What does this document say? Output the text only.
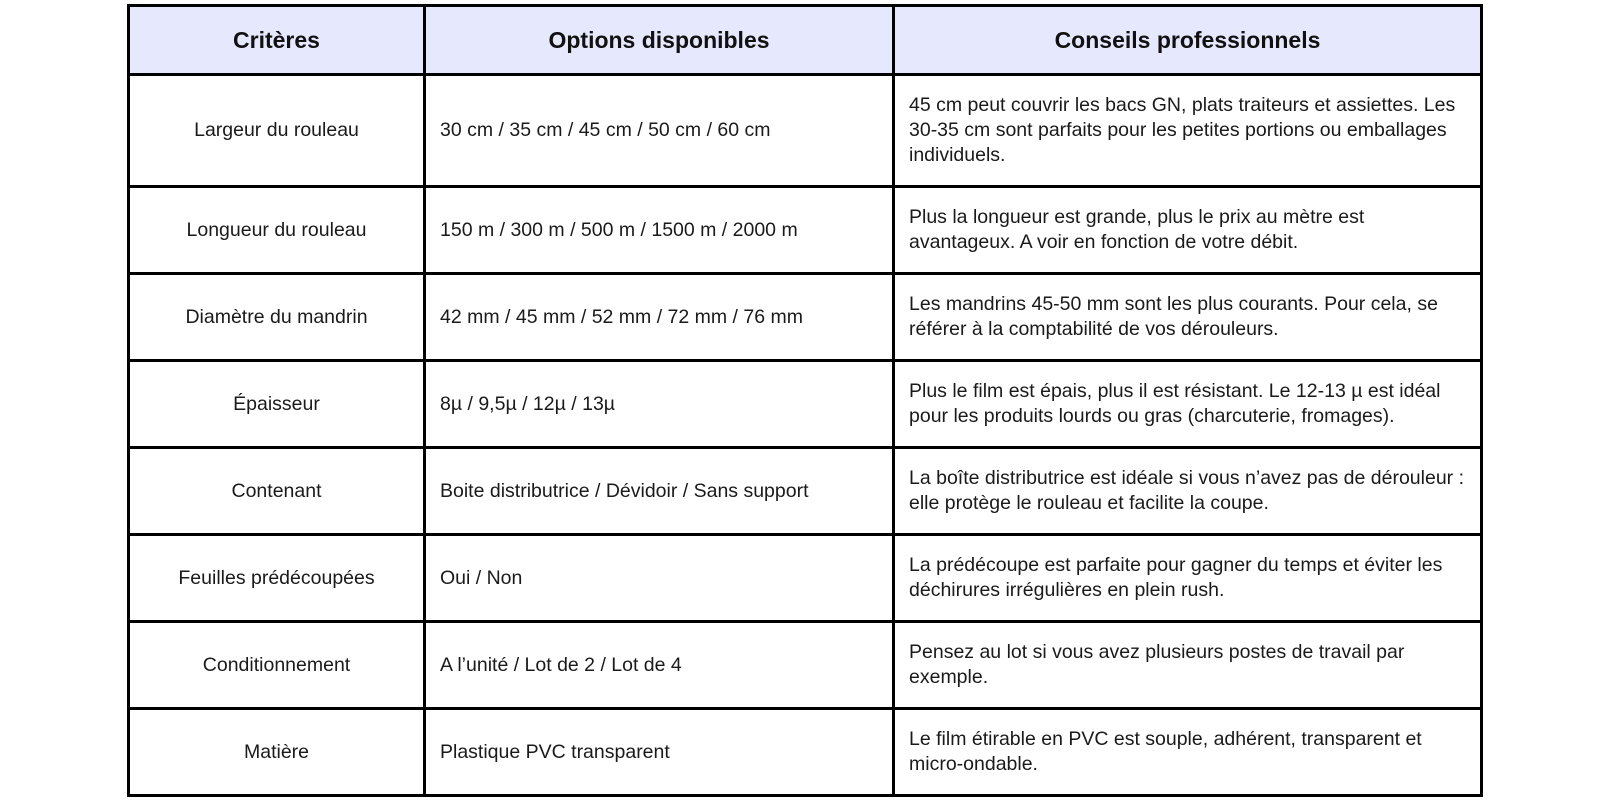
Critères	Options disponibles	Conseils professionnels
Largeur du rouleau	30 cm / 35 cm / 45 cm / 50 cm / 60 cm	45 cm peut couvrir les bacs GN, plats traiteurs et assiettes. Les 30-35 cm sont parfaits pour les petites portions ou emballages individuels.
Longueur du rouleau	150 m / 300 m / 500 m / 1500 m / 2000 m	Plus la longueur est grande, plus le prix au mètre est avantageux. A voir en fonction de votre débit.
Diamètre du mandrin	42 mm / 45 mm / 52 mm / 72 mm / 76 mm	Les mandrins 45-50 mm sont les plus courants. Pour cela, se référer à la comptabilité de vos dérouleurs.
Épaisseur	8µ / 9,5µ / 12µ / 13µ	Plus le film est épais, plus il est résistant. Le 12-13 µ est idéal pour les produits lourds ou gras (charcuterie, fromages).
Contenant	Boite distributrice / Dévidoir / Sans support	La boîte distributrice est idéale si vous n’avez pas de dérouleur : elle protège le rouleau et facilite la coupe.
Feuilles prédécoupées	Oui / Non	La prédécoupe est parfaite pour gagner du temps et éviter les déchirures irrégulières en plein rush.
Conditionnement	A l’unité / Lot de 2 / Lot de 4	Pensez au lot si vous avez plusieurs postes de travail par exemple.
Matière	Plastique PVC transparent	Le film étirable en PVC est souple, adhérent, transparent et micro-ondable.
